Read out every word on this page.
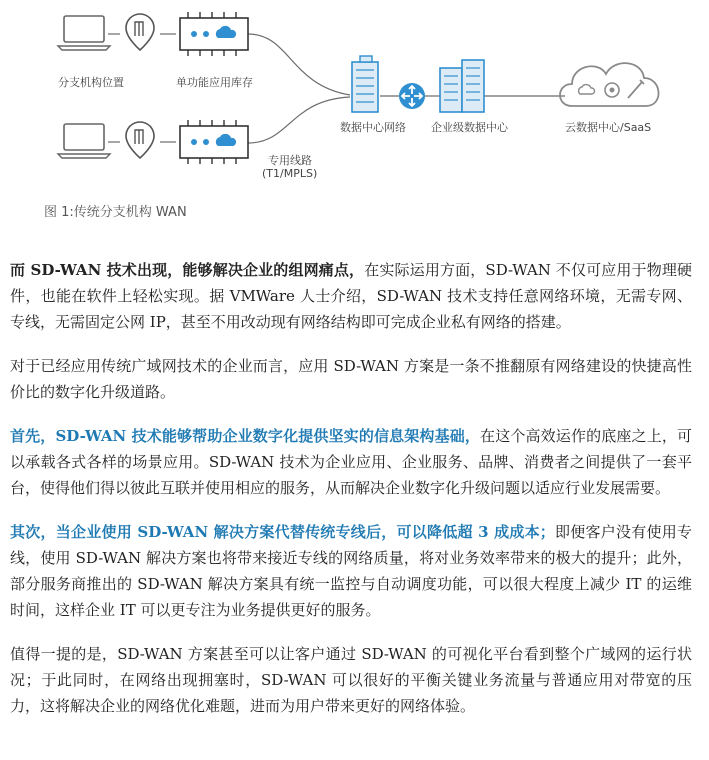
分支机构位置	单功能应用库存
数据中心网络 企业级数据中心	云数据中心/SaaS
专用线路
(T1/MPLS)
图 1:传统分支机构 WAN

而 SD-WAN 技术出现，能够解决企业的组网痛点，在实际运用方面，SD-WAN 不仅可应用于物理硬件，也能在软件上轻松实现。据 VMWare 人士介绍，SD-WAN 技术支持任意网络环境，无需专网、专线，无需固定公网 IP，甚至不用改动现有网络结构即可完成企业私有网络的搭建。

对于已经应用传统广域网技术的企业而言，应用 SD-WAN 方案是一条不推翻原有网络建设的快捷高性价比的数字化升级道路。

首先，SD-WAN 技术能够帮助企业数字化提供坚实的信息架构基础，在这个高效运作的底座之上，可以承载各式各样的场景应用。SD-WAN 技术为企业应用、企业服务、品牌、消费者之间提供了一套平台，使得他们得以彼此互联并使用相应的服务，从而解决企业数字化升级问题以适应行业发展需要。

其次，当企业使用 SD-WAN 解决方案代替传统专线后，可以降低超 3 成成本；即便客户没有使用专线，使用 SD-WAN 解决方案也将带来接近专线的网络质量，将对业务效率带来的极大的提升；此外，部分服务商推出的 SD-WAN 解决方案具有统一监控与自动调度功能，可以很大程度上减少 IT 的运维时间，这样企业 IT 可以更专注为业务提供更好的服务。

值得一提的是，SD-WAN 方案甚至可以让客户通过 SD-WAN 的可视化平台看到整个广域网的运行状况；于此同时，在网络出现拥塞时，SD-WAN 可以很好的平衡关键业务流量与普通应用对带宽的压力，这将解决企业的网络优化难题，进而为用户带来更好的网络体验。
